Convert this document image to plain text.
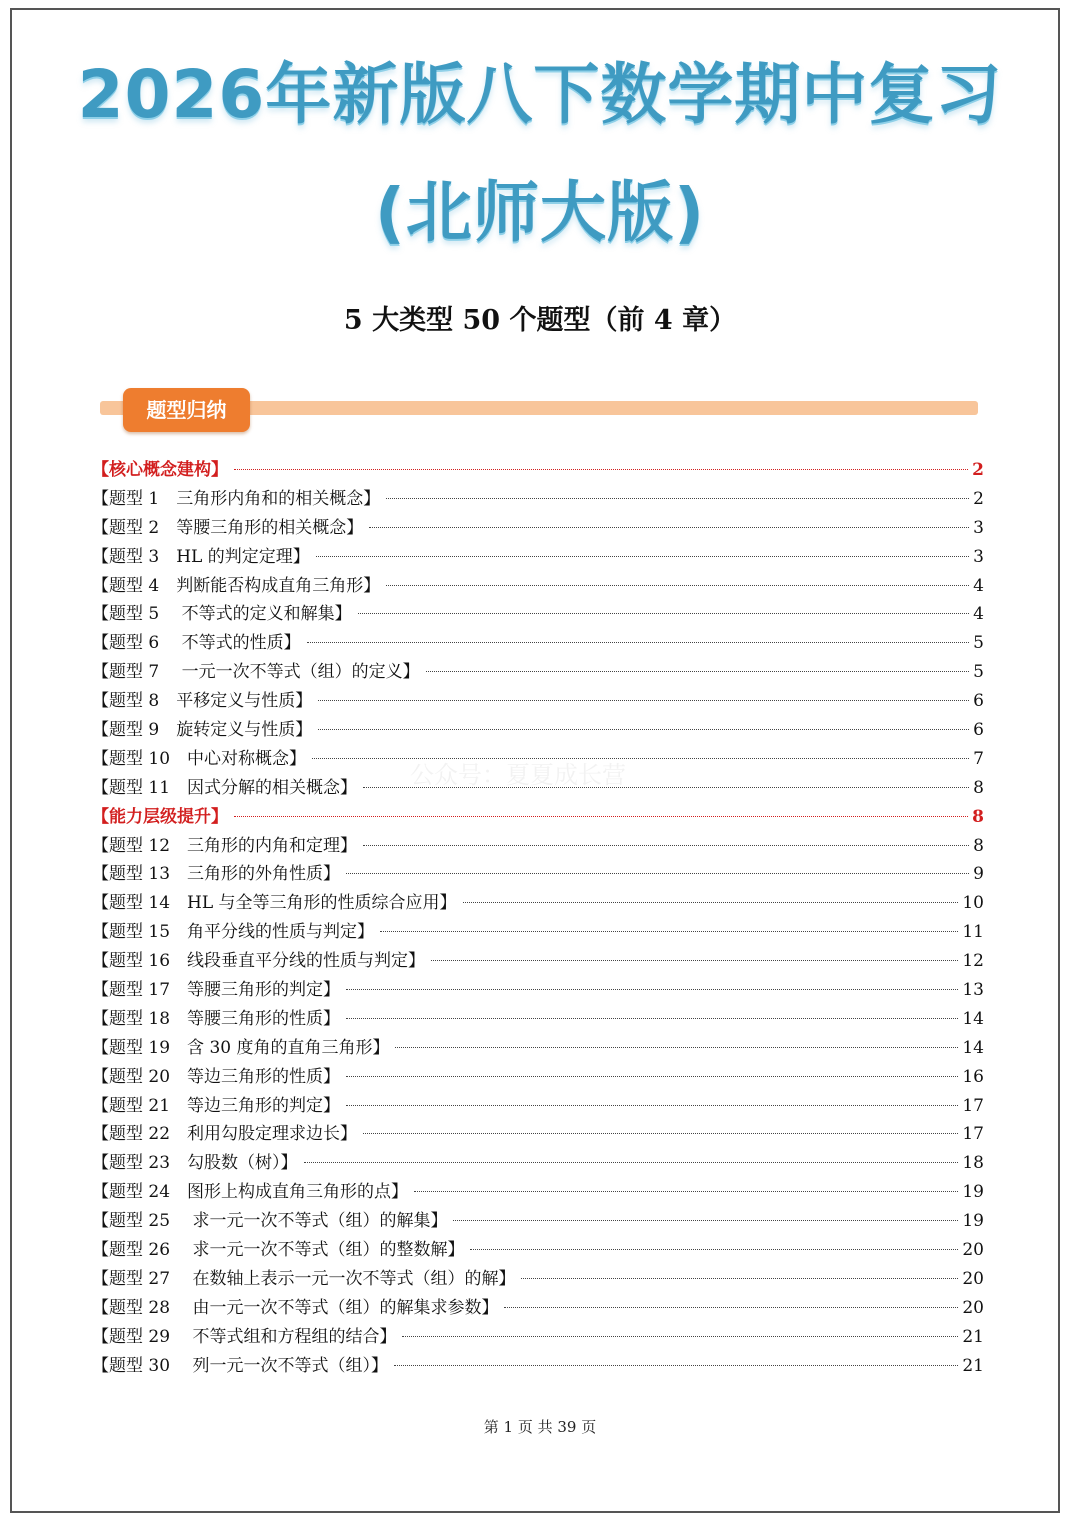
2026年新版八下数学期中复习
(北师大版)
5 大类型 50 个题型（前 4 章）
题型归纳
公众号：夏夏成长营
【核心概念建构】	2
【题型 1　三角形内角和的相关概念】	2
【题型 2　等腰三角形的相关概念】	3
【题型 3　HL 的判定定理】	3
【题型 4　判断能否构成直角三角形】	4
【题型 5　 不等式的定义和解集】	4
【题型 6　 不等式的性质】	5
【题型 7　 一元一次不等式（组）的定义】	5
【题型 8　平移定义与性质】	6
【题型 9　旋转定义与性质】	6
【题型 10　中心对称概念】	7
【题型 11　因式分解的相关概念】	8
【能力层级提升】	8
【题型 12　三角形的内角和定理】	8
【题型 13　三角形的外角性质】	9
【题型 14　HL 与全等三角形的性质综合应用】	10
【题型 15　角平分线的性质与判定】	11
【题型 16　线段垂直平分线的性质与判定】	12
【题型 17　等腰三角形的判定】	13
【题型 18　等腰三角形的性质】	14
【题型 19　含 30 度角的直角三角形】	14
【题型 20　等边三角形的性质】	16
【题型 21　等边三角形的判定】	17
【题型 22　利用勾股定理求边长】	17
【题型 23　勾股数（树）】	18
【题型 24　图形上构成直角三角形的点】	19
【题型 25　 求一元一次不等式（组）的解集】	19
【题型 26　 求一元一次不等式（组）的整数解】	20
【题型 27　 在数轴上表示一元一次不等式（组）的解】	20
【题型 28　 由一元一次不等式（组）的解集求参数】	20
【题型 29　 不等式组和方程组的结合】	21
【题型 30　 列一元一次不等式（组）】	21
第 1 页 共 39 页
